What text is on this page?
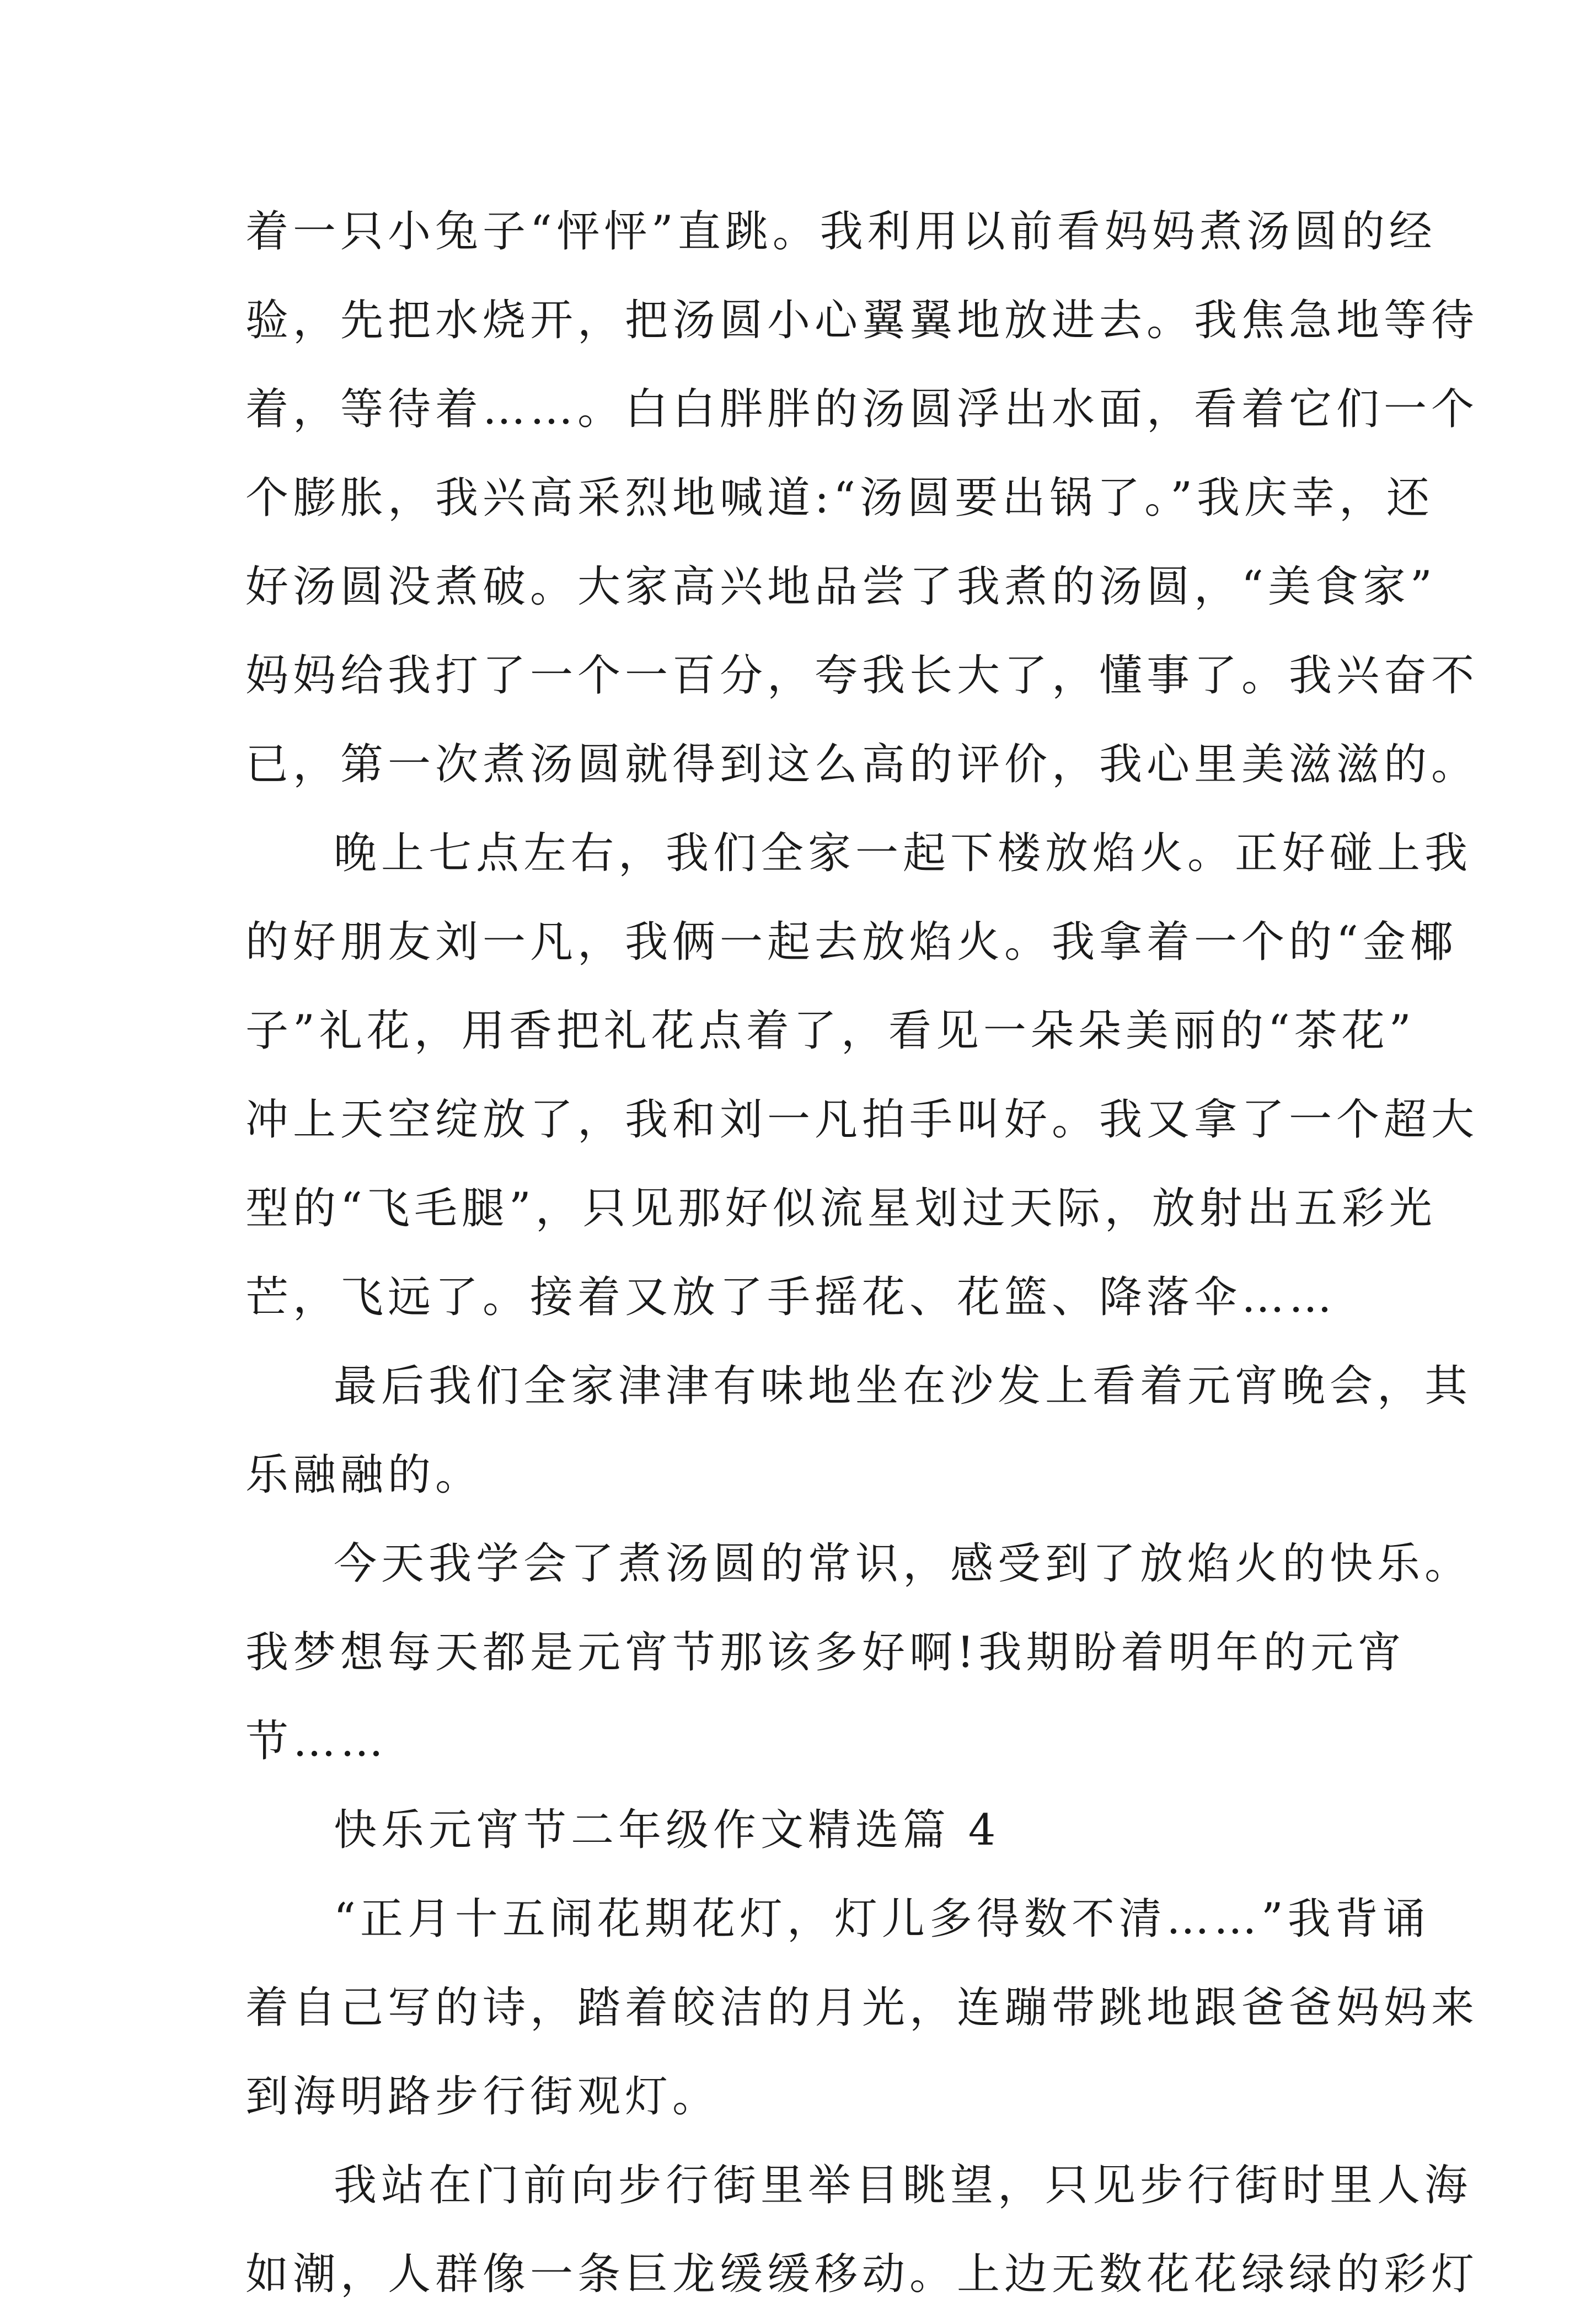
着一只小兔子“怦怦”直跳。我利用以前看妈妈煮汤圆的经
验，先把水烧开，把汤圆小心翼翼地放进去。我焦急地等待
着，等待着……。白白胖胖的汤圆浮出水面，看着它们一个
个膨胀，我兴高采烈地喊道:“汤圆要出锅了。”我庆幸，还
好汤圆没煮破。大家高兴地品尝了我煮的汤圆，“美食家”
妈妈给我打了一个一百分，夸我长大了，懂事了。我兴奋不
已，第一次煮汤圆就得到这么高的评价，我心里美滋滋的。
晚上七点左右，我们全家一起下楼放焰火。正好碰上我
的好朋友刘一凡，我俩一起去放焰火。我拿着一个的“金椰
子”礼花，用香把礼花点着了，看见一朵朵美丽的“茶花”
冲上天空绽放了，我和刘一凡拍手叫好。我又拿了一个超大
型的“飞毛腿”，只见那好似流星划过天际，放射出五彩光
芒，飞远了。接着又放了手摇花、花篮、降落伞……
最后我们全家津津有味地坐在沙发上看着元宵晚会，其
乐融融的。
今天我学会了煮汤圆的常识，感受到了放焰火的快乐。
我梦想每天都是元宵节那该多好啊!我期盼着明年的元宵
节……
快乐元宵节二年级作文精选篇 4
“正月十五闹花期花灯，灯儿多得数不清……”我背诵
着自己写的诗，踏着皎洁的月光，连蹦带跳地跟爸爸妈妈来
到海明路步行街观灯。
我站在门前向步行街里举目眺望，只见步行街时里人海
如潮，人群像一条巨龙缓缓移动。上边无数花花绿绿的彩灯
